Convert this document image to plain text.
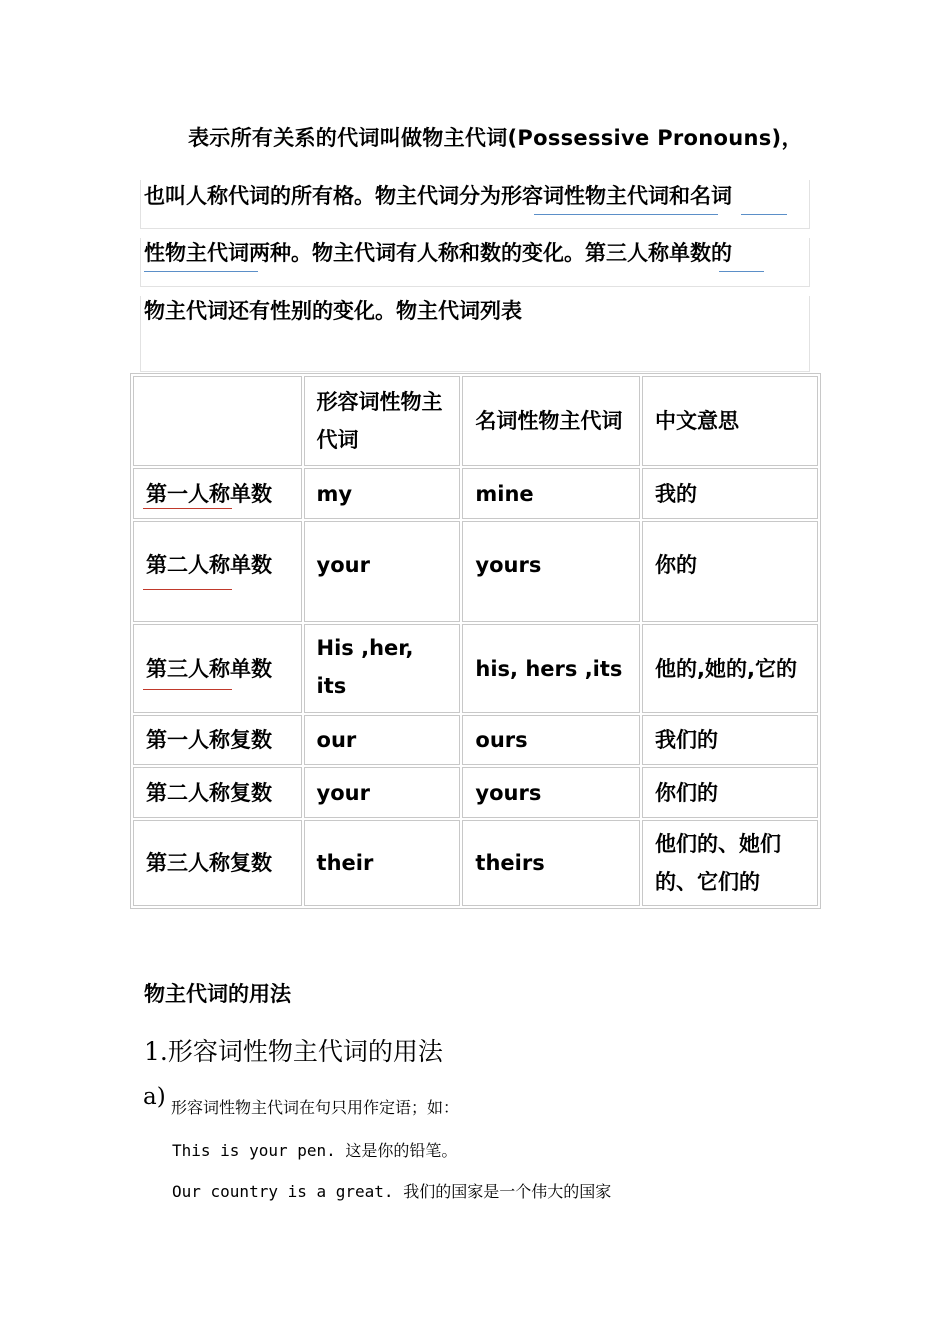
表示所有关系的代词叫做物主代词(Possessive Pronouns)，
也叫人称代词的所有格。物主代词分为形容词性物主代词和名词
性物主代词两种。物主代词有人称和数的变化。第三人称单数的
物主代词还有性别的变化。物主代词列表
	形容词性物主代词	名词性物主代词	中文意思
第一人称单数	my	mine	我的
第二人称单数	your	yours	你的
第三人称单数	His ,her, its	his, hers ,its	他的,她的,它的
第一人称复数	our	ours	我们的
第二人称复数	your	yours	你们的
第三人称复数	their	theirs	他们的、她们的、它们的
物主代词的用法
1.形容词性物主代词的用法
a) 形容词性物主代词在句只用作定语；如：
This is your pen. 这是你的铅笔。
Our country is a great. 我们的国家是一个伟大的国家
